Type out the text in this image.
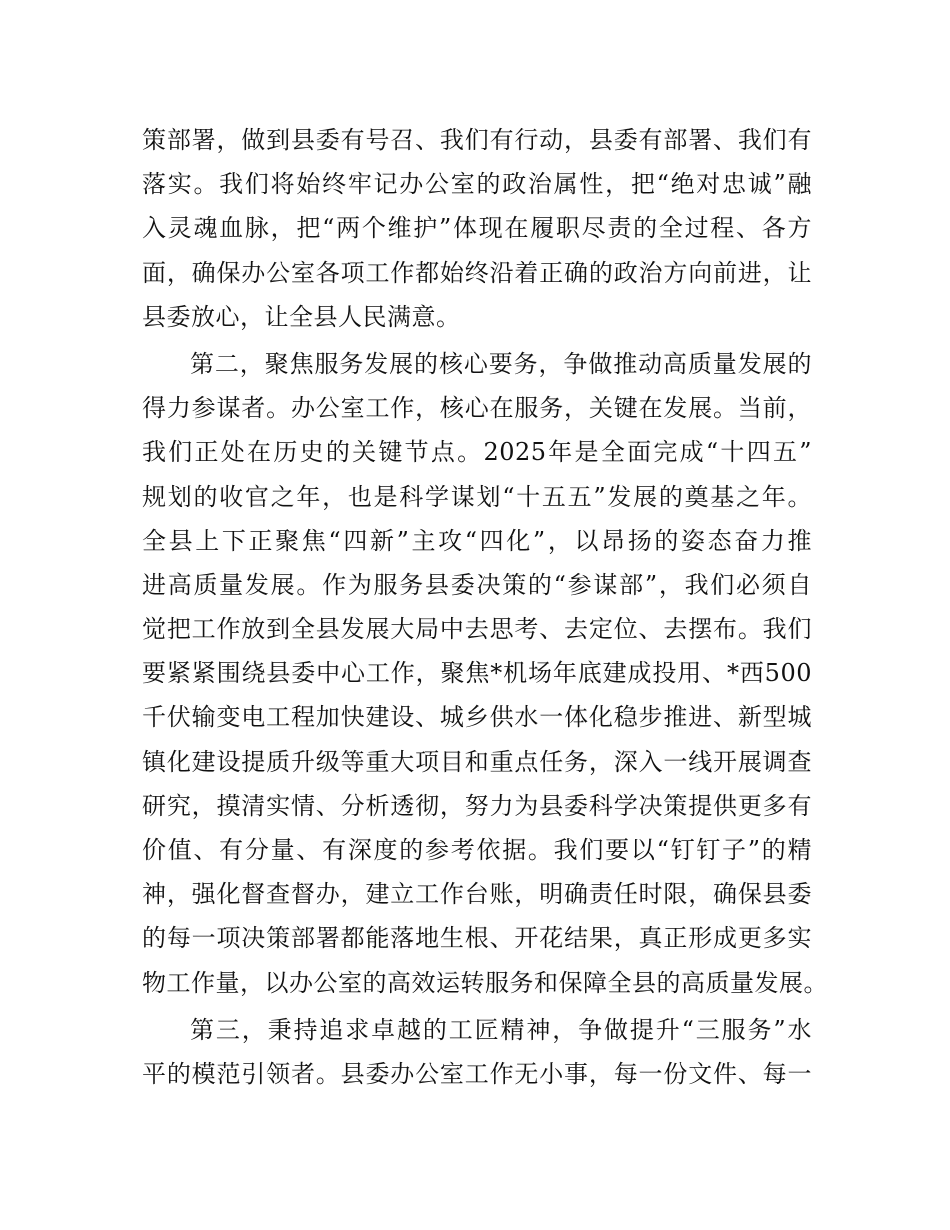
策部署，做到县委有号召、我们有行动，县委有部署、我们有
落实。我们将始终牢记办公室的政治属性，把“绝对忠诚”融
入灵魂血脉，把“两个维护”体现在履职尽责的全过程、各方
面，确保办公室各项工作都始终沿着正确的政治方向前进，让
县委放心，让全县人民满意。
第二，聚焦服务发展的核心要务，争做推动高质量发展的
得力参谋者。办公室工作，核心在服务，关键在发展。当前，
我们正处在历史的关键节点。2025年是全面完成“十四五”
规划的收官之年，也是科学谋划“十五五”发展的奠基之年。
全县上下正聚焦“四新”主攻“四化”，以昂扬的姿态奋力推
进高质量发展。作为服务县委决策的“参谋部”，我们必须自
觉把工作放到全县发展大局中去思考、去定位、去摆布。我们
要紧紧围绕县委中心工作，聚焦*机场年底建成投用、*西500
千伏输变电工程加快建设、城乡供水一体化稳步推进、新型城
镇化建设提质升级等重大项目和重点任务，深入一线开展调查
研究，摸清实情、分析透彻，努力为县委科学决策提供更多有
价值、有分量、有深度的参考依据。我们要以“钉钉子”的精
神，强化督查督办，建立工作台账，明确责任时限，确保县委
的每一项决策部署都能落地生根、开花结果，真正形成更多实
物工作量，以办公室的高效运转服务和保障全县的高质量发展。
第三，秉持追求卓越的工匠精神，争做提升“三服务”水
平的模范引领者。县委办公室工作无小事，每一份文件、每一
